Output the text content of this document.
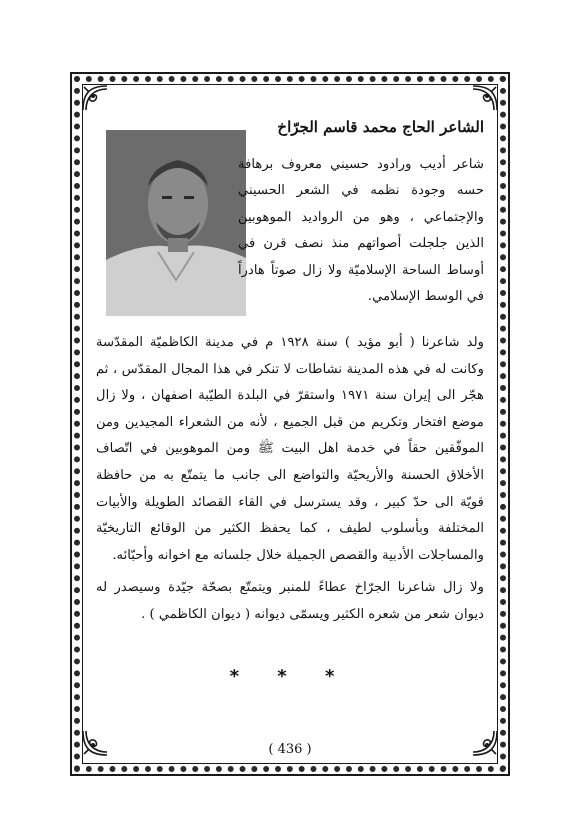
الشاعر الحاج محمد قاسم الجرّاخ

شاعر أديب ورادود حسيني معروف برهافة حسه وجودة نظمه في الشعر الحسيني والإجتماعي ، وهو من الرواديد الموهوبين الذين جلجلت أصواتهم منذ نصف قرن في أوساط الساحة الإسلاميّة ولا زال صوتاً هادراً في الوسط الإسلامي.

ولد شاعرنا ( أبو مؤيد ) سنة ١٩٢٨ م في مدينة الكاظميّة المقدّسة وكانت له في هذه المدينة نشاطات لا تنكر في هذا المجال المقدّس ، ثم هجّر الى إيران سنة ١٩٧١ واستقرّ في البلدة الطيّبة اصفهان ، ولا زال موضع افتخار وتكريم من قبل الجميع ، لأنه من الشعراء المجيدين ومن الموفّقين حقاً في خدمة اهل البيت ﷺ ومن الموهوبين في اتّصاف الأخلاق الحسنة والأريحيّة والتواضع الى جانب ما يتمتّع به من حافظة قويّة الى حدّ كبير ، وقد يسترسل في القاء القصائد الطويلة والأبيات المختلفة وبأسلوب لطيف ، كما يحفظ الكثير من الوقائع التاريخيّة والمساجلات الأدبية والقصص الجميلة خلال جلساته مع اخوانه وأحبّائه.

ولا زال شاعرنا الجرّاخ عطاءً للمنبر ويتمتّع بصحّة جيّدة وسيصدر له ديوان شعر من شعره الكثير ويسمّى ديوانه ( ديوان الكاظمي ) .

* * *
( 436 )
